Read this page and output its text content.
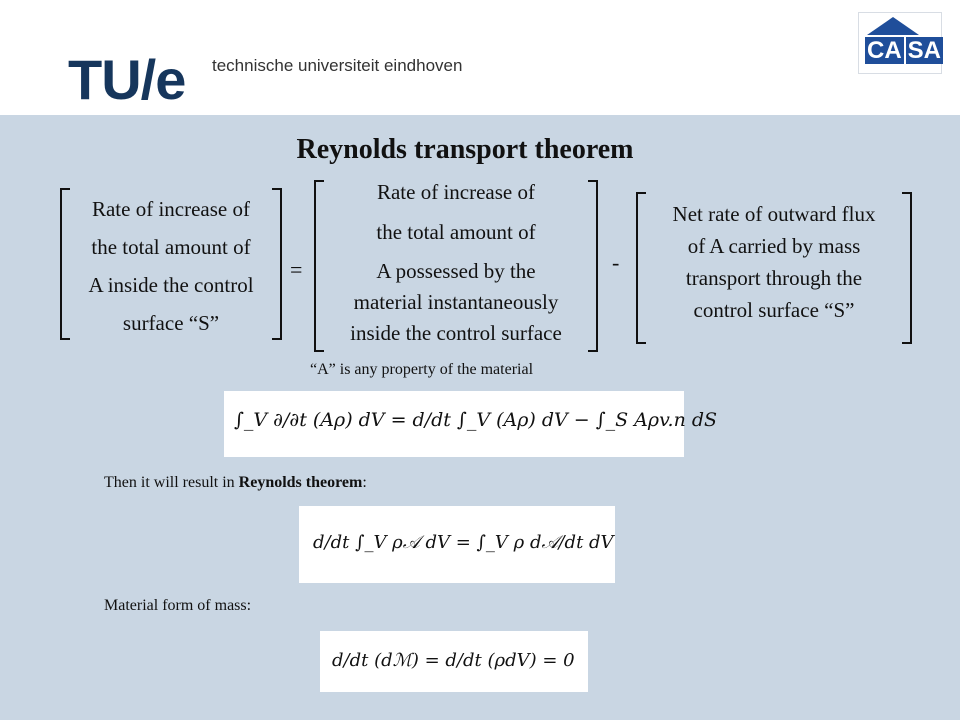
TU/e technische universiteit eindhoven
CA SA
Reynolds transport theorem
Rate of increase of
the total amount of
A inside the control
surface “S”
=
Rate of increase of
the total amount of
A possessed by the
material instantaneously
inside the control surface
-
Net rate of outward flux
of A carried by mass
transport through the
control surface “S”
“A” is any property of the material
∫_V ∂/∂t (Aρ) dV = d/dt ∫_V (Aρ) dV − ∫_S Aρv.n dS
Then it will result in Reynolds theorem:
d/dt ∫_V ρ𝒜 dV = ∫_V ρ d𝒜/dt dV
Material form of mass:
d/dt (dℳ) = d/dt (ρdV) = 0
